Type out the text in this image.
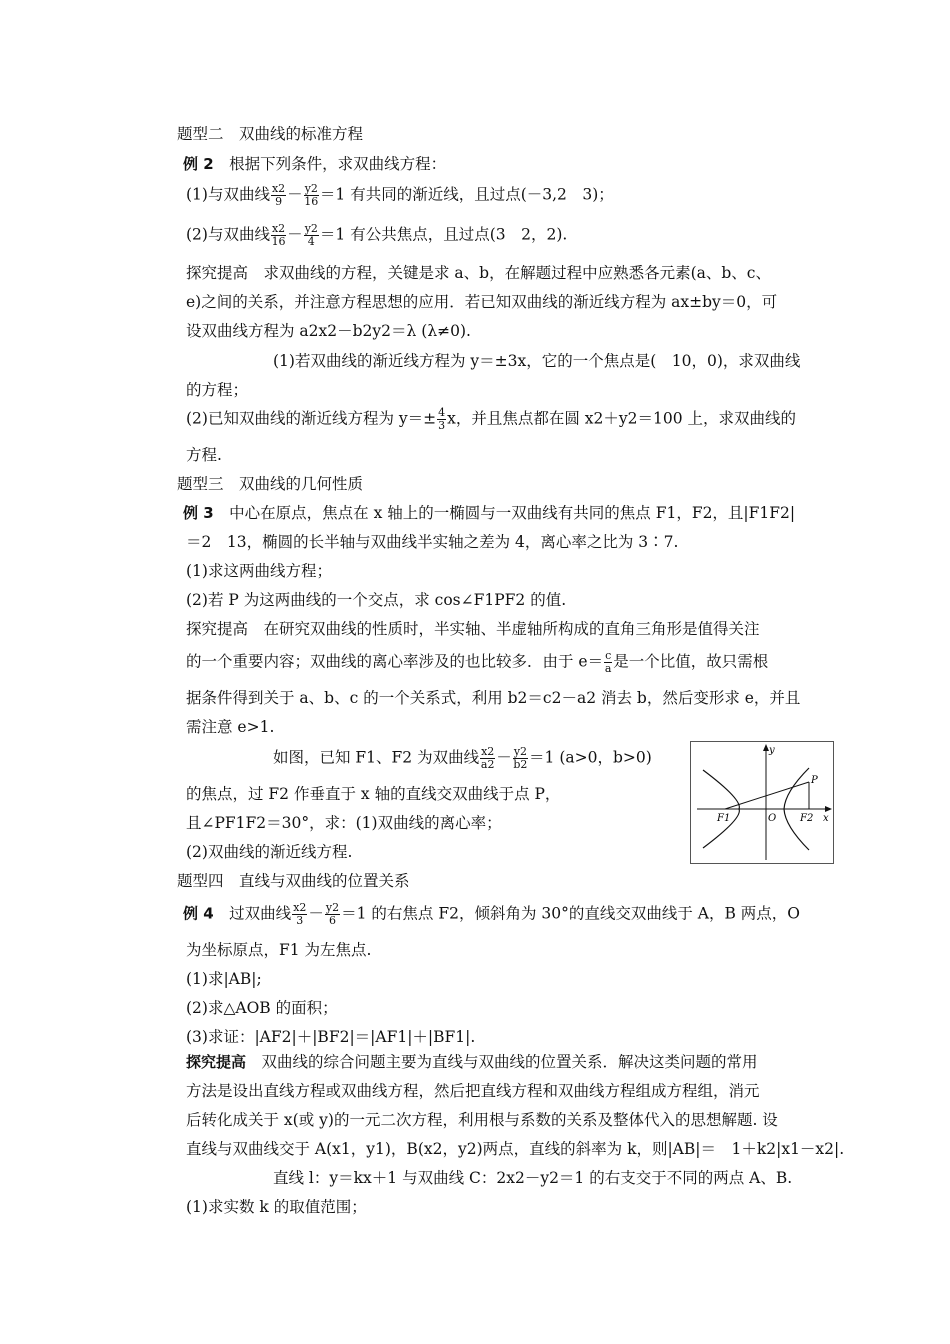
题型二　双曲线的标准方程
例 2　根据下列条件，求双曲线方程：
(1)与双曲线 $\frac{x2}{9} - \frac{y2}{16} =1$ 有共同的渐近线，且过点(－3,2　3)；
(2)与双曲线 $\frac{x2}{16} - \frac{y2}{4} =1$ 有公共焦点，且过点(3　2，2).
探究提高　求双曲线的方程，关键是求 a、b，在解题过程中应熟悉各元素(a、b、c、
e)之间的关系，并注意方程思想的应用．若已知双曲线的渐近线方程为 ax±by＝0，可
设双曲线方程为 a2x2－b2y2＝λ (λ≠0).
(1)若双曲线的渐近线方程为 y＝±3x，它的一个焦点是(　10，0)，求双曲线
的方程；
(2)已知双曲线的渐近线方程为 $y=\pm \frac{4}{3}$ x，并且焦点都在圆 x2＋y2＝100 上，求双曲线的
方程.
题型三　双曲线的几何性质
例 3　中心在原点，焦点在 x 轴上的一椭圆与一双曲线有共同的焦点 F1，F2，且|F1F2|
＝2　13，椭圆的长半轴与双曲线半实轴之差为 4，离心率之比为 3∶7.
(1)求这两曲线方程；
(2)若 P 为这两曲线的一个交点，求 cos∠F1PF2 的值.
探究提高　在研究双曲线的性质时，半实轴、半虚轴所构成的直角三角形是值得关注
的一个重要内容；双曲线的离心率涉及的也比较多．由于 $e= \frac{c}{a}$ 是一个比值，故只需根
据条件得到关于 a、b、c 的一个关系式，利用 b2＝c2－a2 消去 b，然后变形求 e，并且
需注意 e>1.
如图，已知 F1、F2 为双曲线 $\frac{x2}{a2} - \frac{y2}{b2} =1$ (a>0，b>0)
的焦点，过 F2 作垂直于 x 轴的直线交双曲线于点 P，
且∠PF1F2＝30°，求：(1)双曲线的离心率；
(2)双曲线的渐近线方程.
y
P
F1	O F2 x
题型四　直线与双曲线的位置关系
例 4　过双曲线 $\frac{x2}{3} - \frac{y2}{6} =1$ 的右焦点 F2，倾斜角为 30°的直线交双曲线于 A，B 两点，O
为坐标原点，F1 为左焦点.
(1)求|AB|;
(2)求△AOB 的面积；
(3)求证：|AF2|＋|BF2|＝|AF1|＋|BF1|.
探究提高　双曲线的综合问题主要为直线与双曲线的位置关系．解决这类问题的常用
方法是设出直线方程或双曲线方程，然后把直线方程和双曲线方程组成方程组，消元
后转化成关于 x(或 y)的一元二次方程，利用根与系数的关系及整体代入的思想解题. 设
直线与双曲线交于 A(x1，y1)，B(x2，y2)两点，直线的斜率为 k，则|AB|＝　1＋k2|x1－x2|.
直线 l：y＝kx＋1 与双曲线 C：2x2－y2＝1 的右支交于不同的两点 A、B.
(1)求实数 k 的取值范围；
